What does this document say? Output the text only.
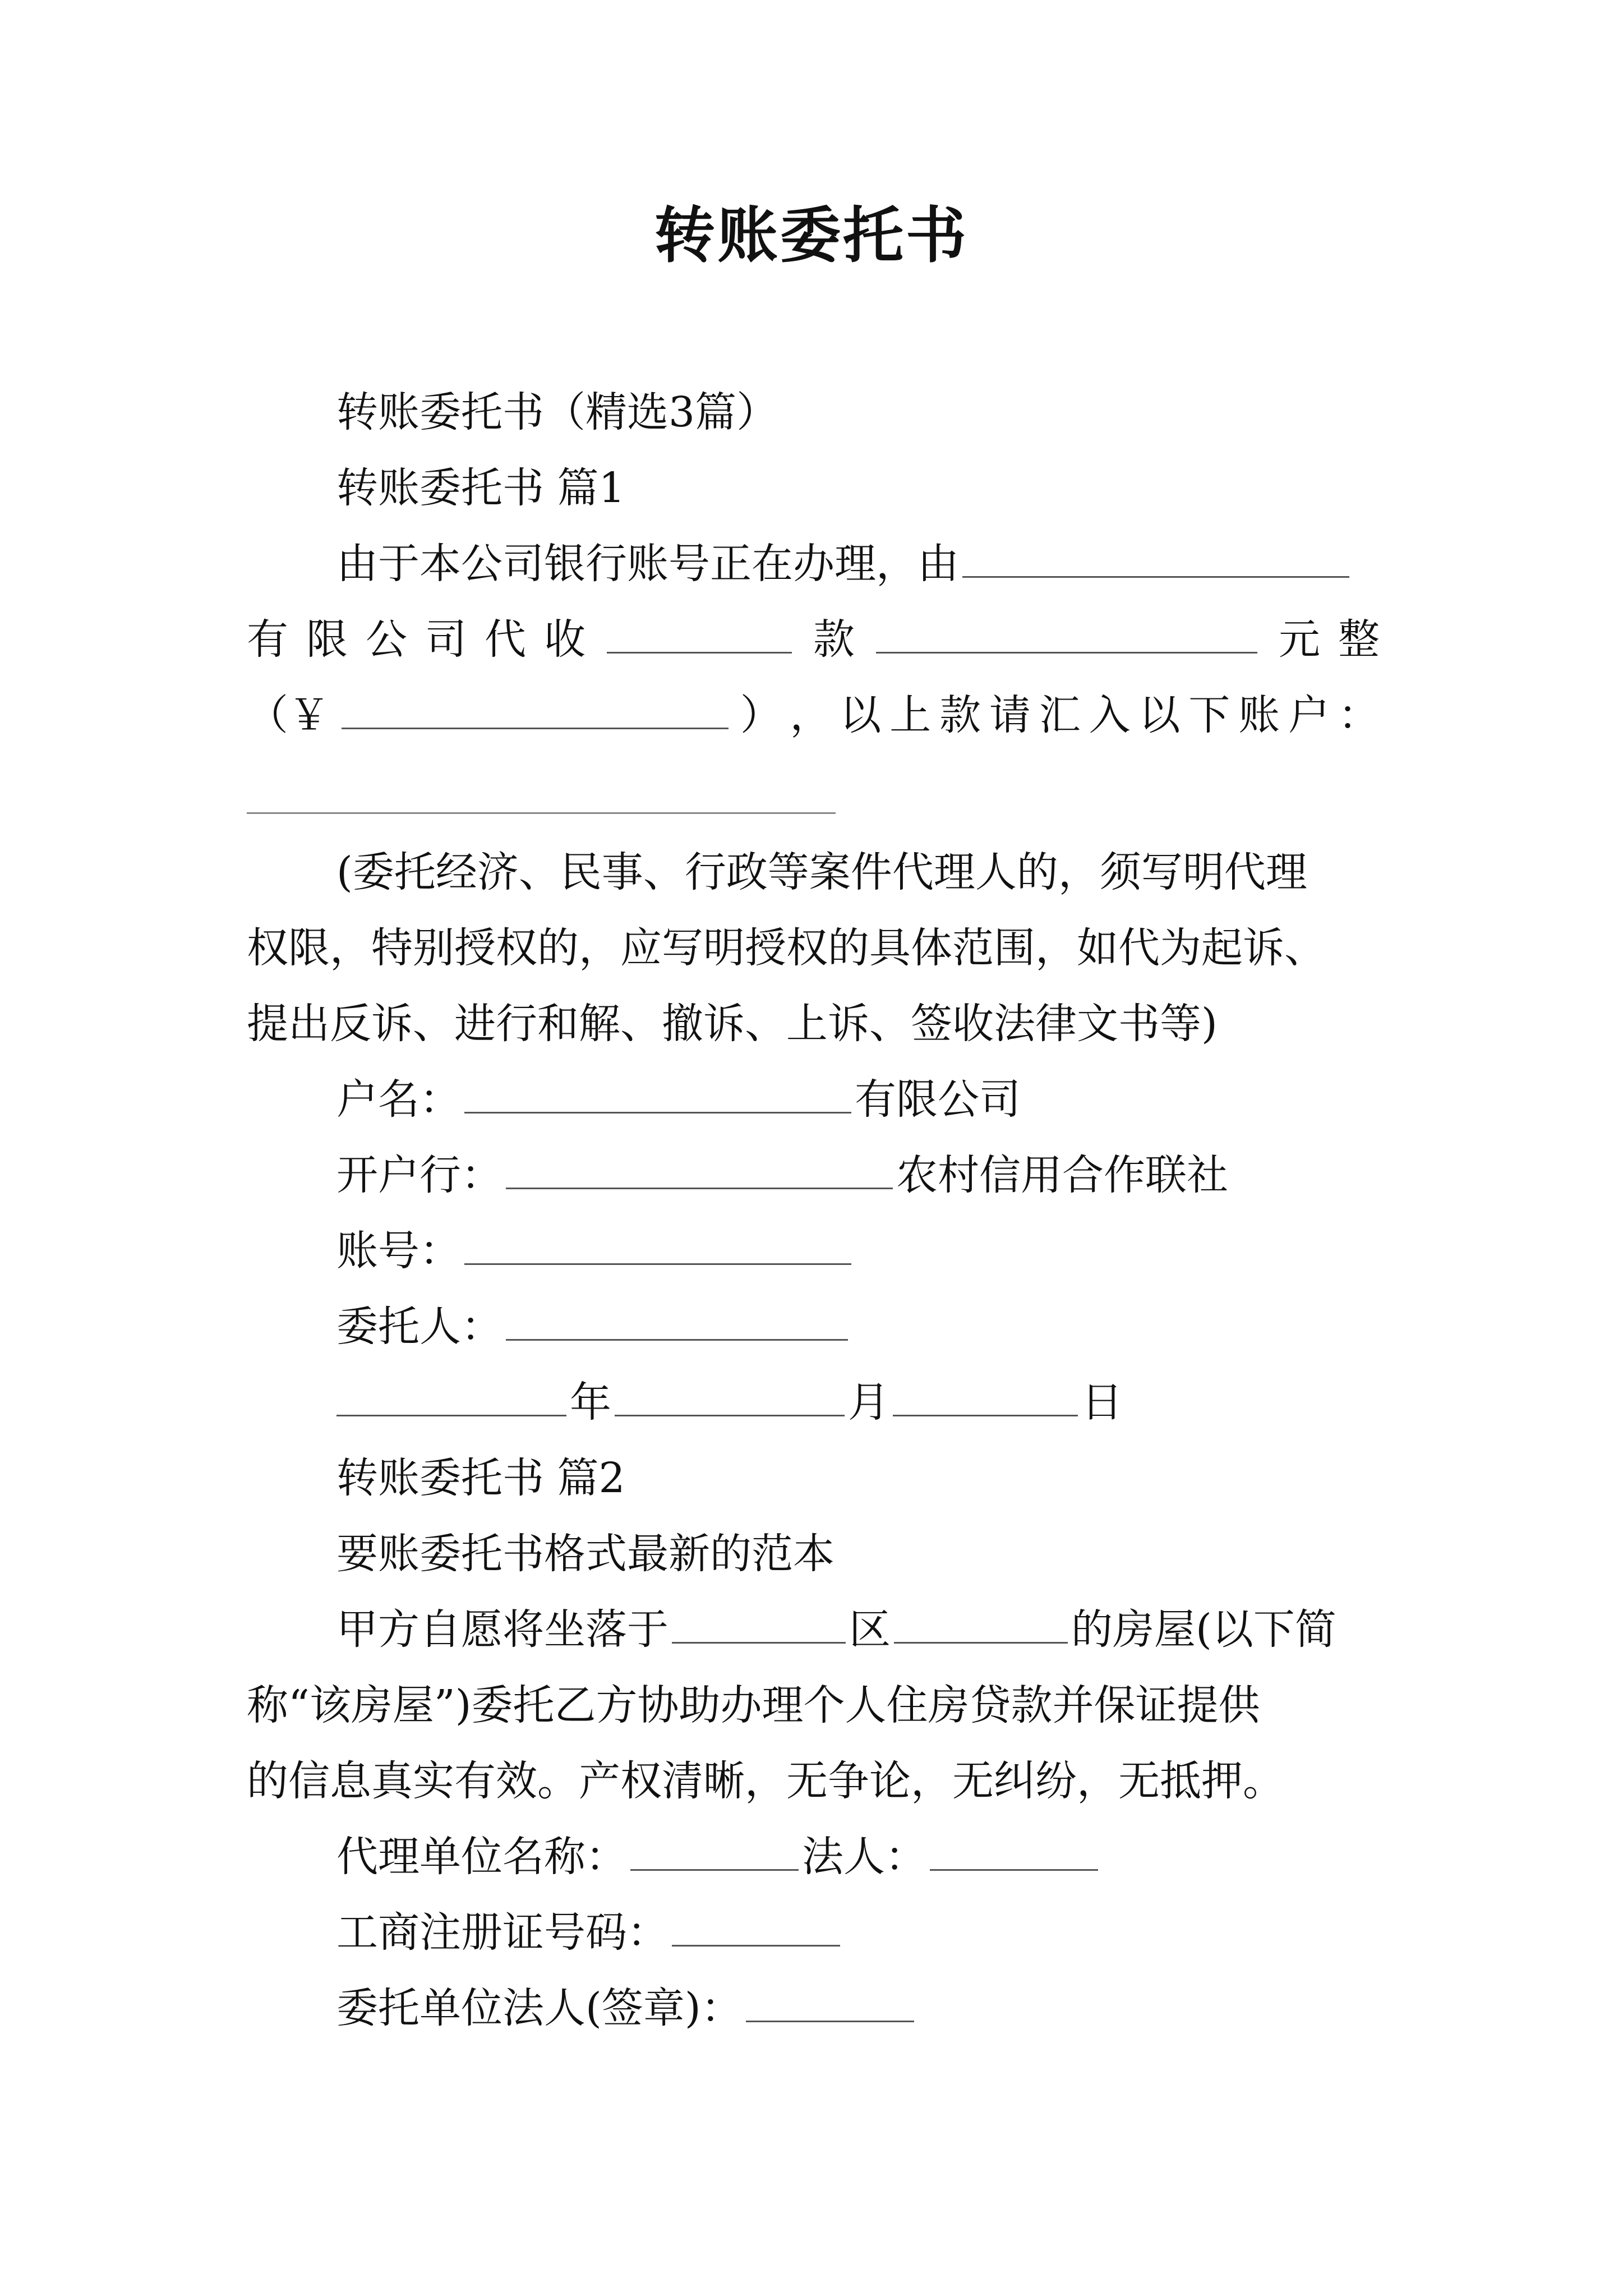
转账委托书
转账委托书（精选3篇）
转账委托书 篇1
由于本公司银行账号正在办理，由
有 限 公 司 代 收	款	元 整
（￥	） ， 以 上 款 请 汇 入 以 下 账 户 ：
(委托经济、民事、行政等案件代理人的，须写明代理
权限，特别授权的，应写明授权的具体范围，如代为起诉、
提出反诉、进行和解、撤诉、上诉、签收法律文书等)
户名：	有限公司
开户行：	农村信用合作联社
账号：
委托人：
年	月	日
转账委托书 篇2
要账委托书格式最新的范本
甲方自愿将坐落于	区	的房屋(以下简
称“该房屋”)委托乙方协助办理个人住房贷款并保证提供
的信息真实有效。产权清晰，无争论，无纠纷，无抵押。
代理单位名称：	法人：
工商注册证号码：
委托单位法人(签章)：
